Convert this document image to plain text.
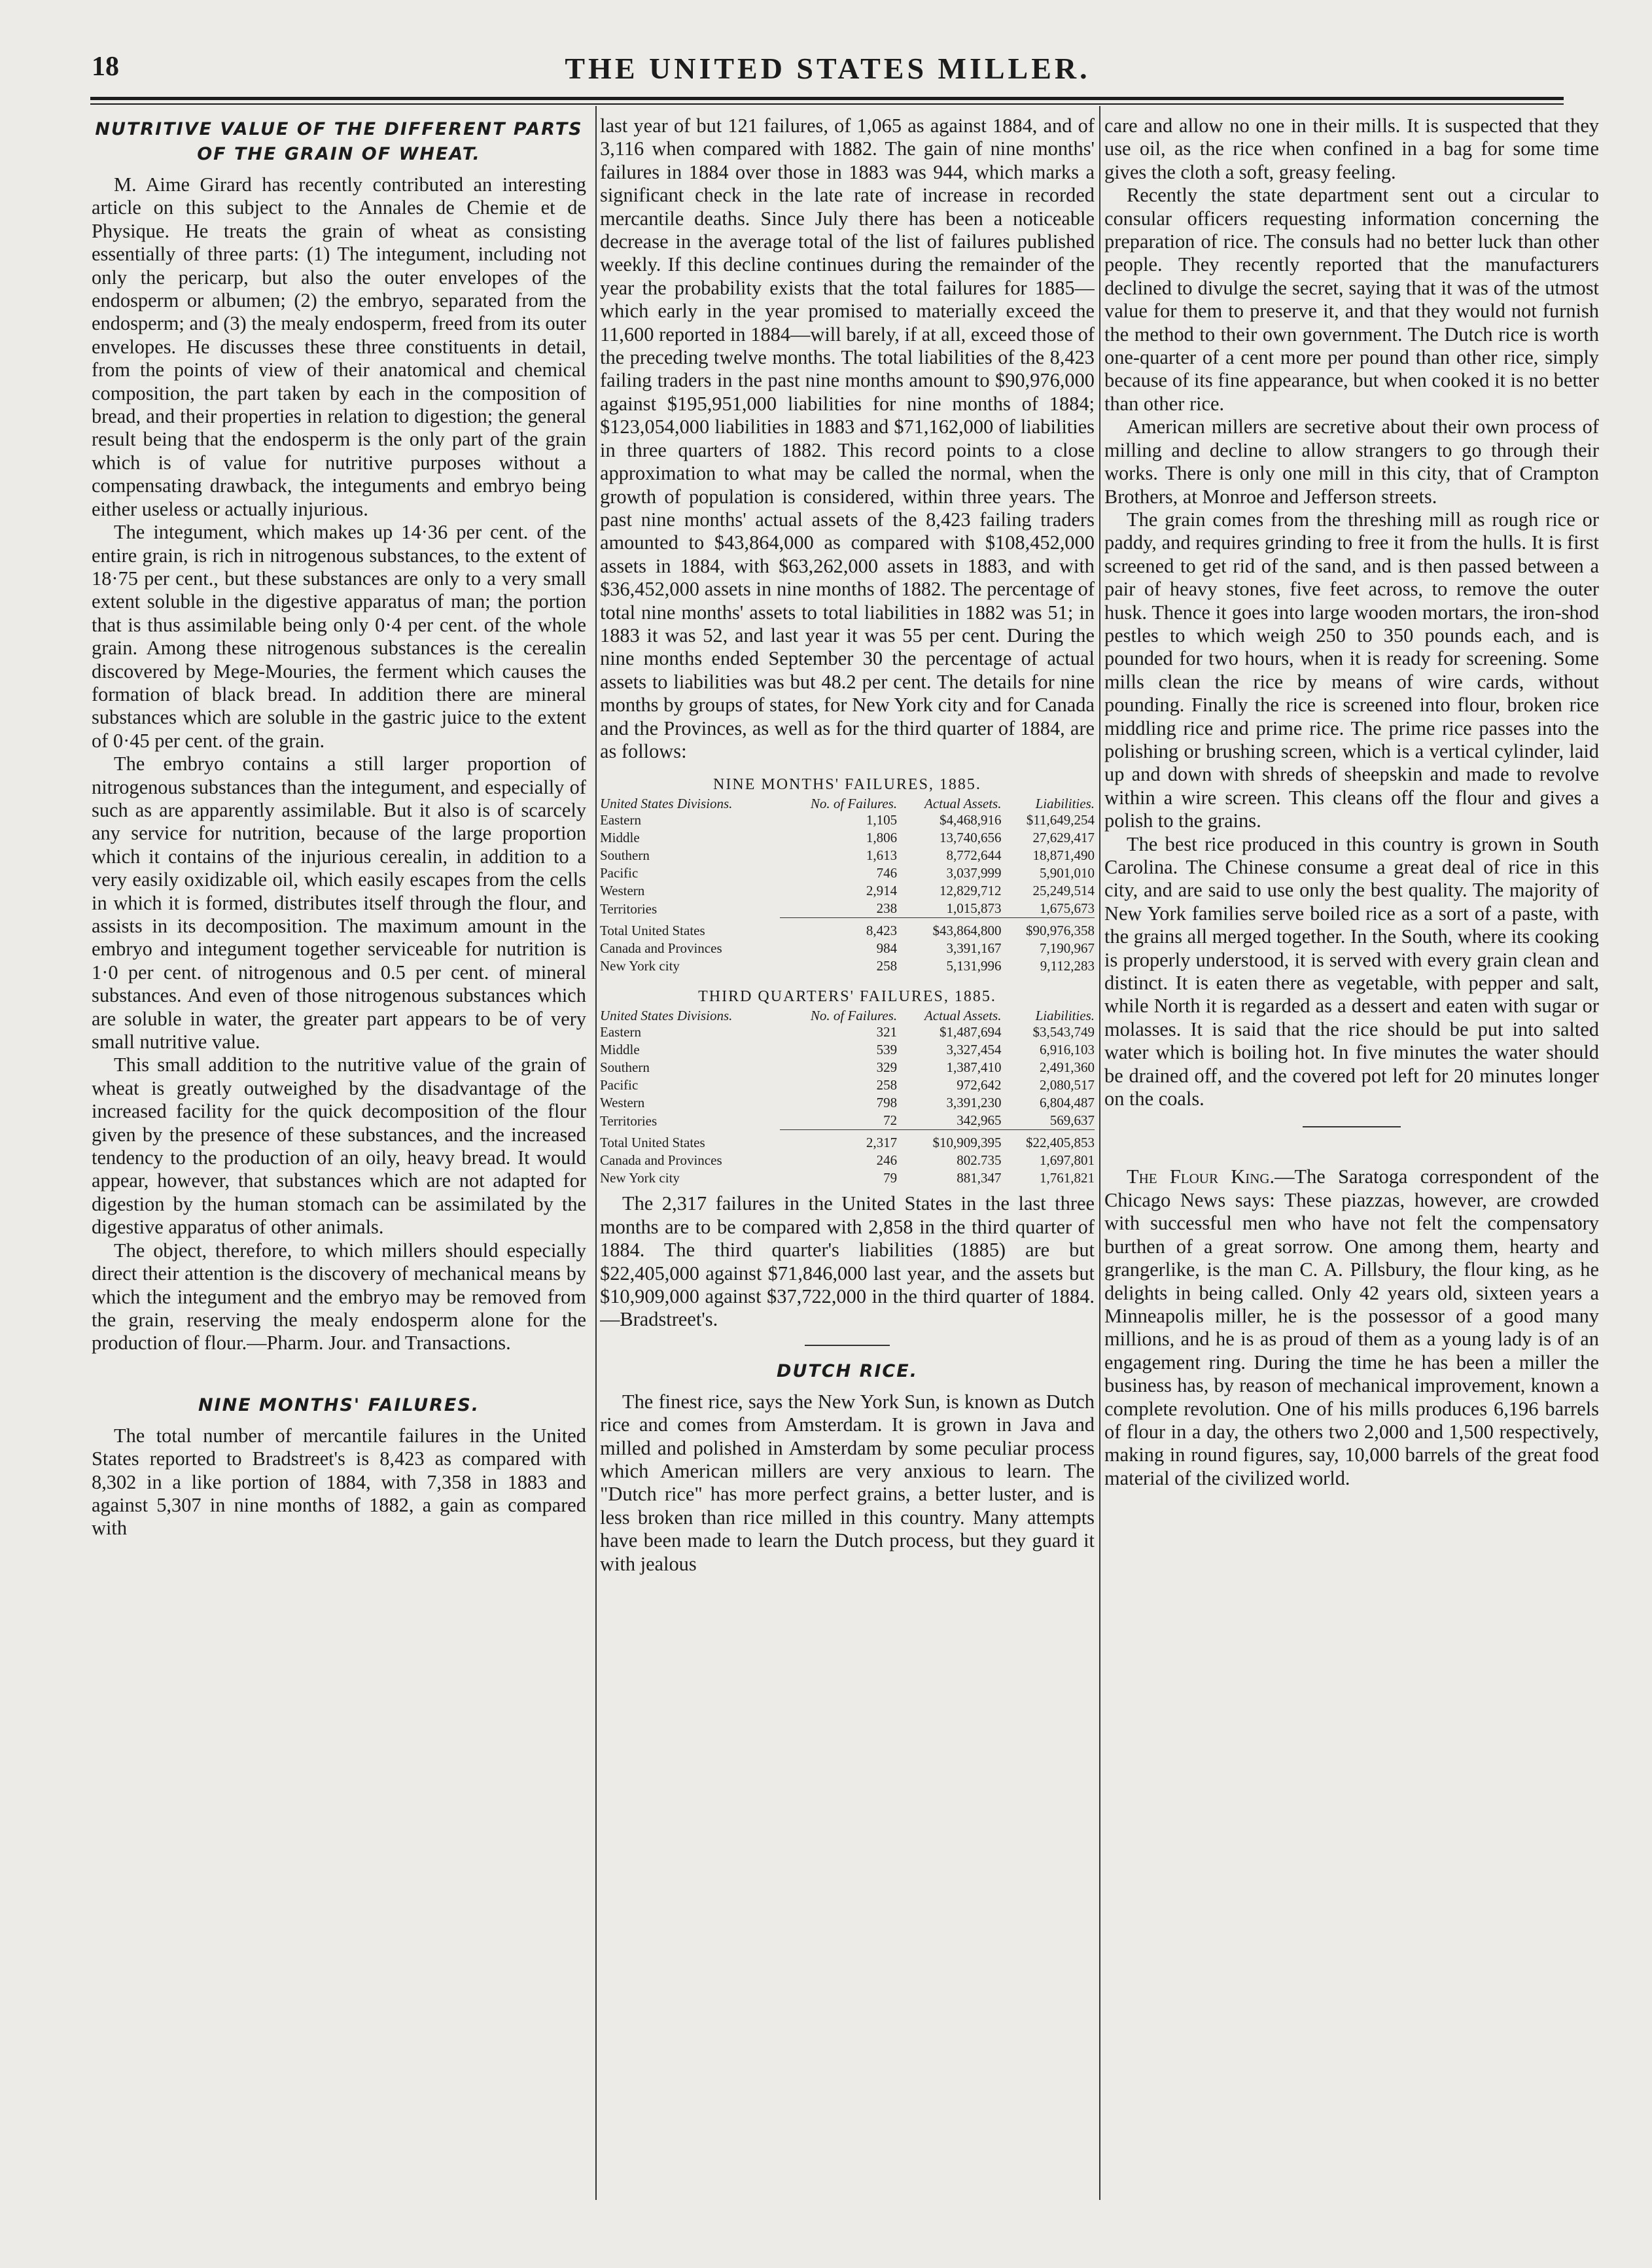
18	THE UNITED STATES MILLER.
NUTRITIVE VALUE OF THE DIFFERENT PARTS OF THE GRAIN OF WHEAT.

M. Aime Girard has recently contributed an interesting article on this subject to the Annales de Chemie et de Physique. He treats the grain of wheat as consisting essentially of three parts: (1) The integument, including not only the pericarp, but also the outer envelopes of the endosperm or albumen; (2) the embryo, separated from the endosperm; and (3) the mealy endosperm, freed from its outer envelopes. He discusses these three constituents in detail, from the points of view of their anatomical and chemical composition, the part taken by each in the composition of bread, and their properties in relation to digestion; the general result being that the endosperm is the only part of the grain which is of value for nutritive purposes without a compensating drawback, the integuments and embryo being either useless or actually injurious.

The integument, which makes up 14·36 per cent. of the entire grain, is rich in nitrogenous substances, to the extent of 18·75 per cent., but these substances are only to a very small extent soluble in the digestive apparatus of man; the portion that is thus assimilable being only 0·4 per cent. of the whole grain. Among these nitrogenous substances is the cerealin discovered by Mege-Mouries, the ferment which causes the formation of black bread. In addition there are mineral substances which are soluble in the gastric juice to the extent of 0·45 per cent. of the grain.

The embryo contains a still larger proportion of nitrogenous substances than the integument, and especially of such as are apparently assimilable. But it also is of scarcely any service for nutrition, because of the large proportion which it contains of the injurious cerealin, in addition to a very easily oxidizable oil, which easily escapes from the cells in which it is formed, distributes itself through the flour, and assists in its decomposition. The maximum amount in the embryo and integument together serviceable for nutrition is 1·0 per cent. of nitrogenous and 0.5 per cent. of mineral substances. And even of those nitrogenous substances which are soluble in water, the greater part appears to be of very small nutritive value.

This small addition to the nutritive value of the grain of wheat is greatly outweighed by the disadvantage of the increased facility for the quick decomposition of the flour given by the presence of these substances, and the increased tendency to the production of an oily, heavy bread. It would appear, however, that substances which are not adapted for digestion by the human stomach can be assimilated by the digestive apparatus of other animals.

The object, therefore, to which millers should especially direct their attention is the discovery of mechanical means by which the integument and the embryo may be removed from the grain, reserving the mealy endosperm alone for the production of flour.—Pharm. Jour. and Transactions.

NINE MONTHS' FAILURES.

The total number of mercantile failures in the United States reported to Bradstreet's is 8,423 as compared with 8,302 in a like portion of 1884, with 7,358 in 1883 and against 5,307 in nine months of 1882, a gain as compared with

last year of but 121 failures, of 1,065 as against 1884, and of 3,116 when compared with 1882. The gain of nine months' failures in 1884 over those in 1883 was 944, which marks a significant check in the late rate of increase in recorded mercantile deaths. Since July there has been a noticeable decrease in the average total of the list of failures published weekly. If this decline continues during the remainder of the year the probability exists that the total failures for 1885—which early in the year promised to materially exceed the 11,600 reported in 1884—will barely, if at all, exceed those of the preceding twelve months. The total liabilities of the 8,423 failing traders in the past nine months amount to $90,976,000 against $195,951,000 liabilities for nine months of 1884; $123,054,000 liabilities in 1883 and $71,162,000 of liabilities in three quarters of 1882. This record points to a close approximation to what may be called the normal, when the growth of population is considered, within three years. The past nine months' actual assets of the 8,423 failing traders amounted to $43,864,000 as compared with $108,452,000 assets in 1884, with $63,262,000 assets in 1883, and with $36,452,000 assets in nine months of 1882. The percentage of total nine months' assets to total liabilities in 1882 was 51; in 1883 it was 52, and last year it was 55 per cent. During the nine months ended September 30 the percentage of actual assets to liabilities was but 48.2 per cent. The details for nine months by groups of states, for New York city and for Canada and the Provinces, as well as for the third quarter of 1884, are as follows:

NINE MONTHS' FAILURES, 1885.
United States Divisions.	No. of Failures.	Actual Assets.	Liabilities.
Eastern	1,105	$4,468,916	$11,649,254
Middle	1,806	13,740,656	27,629,417
Southern	1,613	8,772,644	18,871,490
Pacific	746	3,037,999	5,901,010
Western	2,914	12,829,712	25,249,514
Territories	238	1,015,873	1,675,673
Total United States	8,423	$43,864,800	$90,976,358
Canada and Provinces	984	3,391,167	7,190,967
New York city	258	5,131,996	9,112,283
THIRD QUARTERS' FAILURES, 1885.
United States Divisions.	No. of Failures.	Actual Assets.	Liabilities.
Eastern	321	$1,487,694	$3,543,749
Middle	539	3,327,454	6,916,103
Southern	329	1,387,410	2,491,360
Pacific	258	972,642	2,080,517
Western	798	3,391,230	6,804,487
Territories	72	342,965	569,637
Total United States	2,317	$10,909,395	$22,405,853
Canada and Provinces	246	802.735	1,697,801
New York city	79	881,347	1,761,821

The 2,317 failures in the United States in the last three months are to be compared with 2,858 in the third quarter of 1884. The third quarter's liabilities (1885) are but $22,405,000 against $71,846,000 last year, and the assets but $10,909,000 against $37,722,000 in the third quarter of 1884.—Bradstreet's.

DUTCH RICE.

The finest rice, says the New York Sun, is known as Dutch rice and comes from Amsterdam. It is grown in Java and milled and polished in Amsterdam by some peculiar process which American millers are very anxious to learn. The "Dutch rice" has more perfect grains, a better luster, and is less broken than rice milled in this country. Many attempts have been made to learn the Dutch process, but they guard it with jealous

care and allow no one in their mills. It is suspected that they use oil, as the rice when confined in a bag for some time gives the cloth a soft, greasy feeling.

Recently the state department sent out a circular to consular officers requesting information concerning the preparation of rice. The consuls had no better luck than other people. They recently reported that the manufacturers declined to divulge the secret, saying that it was of the utmost value for them to preserve it, and that they would not furnish the method to their own government. The Dutch rice is worth one-quarter of a cent more per pound than other rice, simply because of its fine appearance, but when cooked it is no better than other rice.

American millers are secretive about their own process of milling and decline to allow strangers to go through their works. There is only one mill in this city, that of Crampton Brothers, at Monroe and Jefferson streets.

The grain comes from the threshing mill as rough rice or paddy, and requires grinding to free it from the hulls. It is first screened to get rid of the sand, and is then passed between a pair of heavy stones, five feet across, to remove the outer husk. Thence it goes into large wooden mortars, the iron-shod pestles to which weigh 250 to 350 pounds each, and is pounded for two hours, when it is ready for screening. Some mills clean the rice by means of wire cards, without pounding. Finally the rice is screened into flour, broken rice middling rice and prime rice. The prime rice passes into the polishing or brushing screen, which is a vertical cylinder, laid up and down with shreds of sheepskin and made to revolve within a wire screen. This cleans off the flour and gives a polish to the grains.

The best rice produced in this country is grown in South Carolina. The Chinese consume a great deal of rice in this city, and are said to use only the best quality. The majority of New York families serve boiled rice as a sort of a paste, with the grains all merged together. In the South, where its cooking is properly understood, it is served with every grain clean and distinct. It is eaten there as vegetable, with pepper and salt, while North it is regarded as a dessert and eaten with sugar or molasses. It is said that the rice should be put into salted water which is boiling hot. In five minutes the water should be drained off, and the covered pot left for 20 minutes longer on the coals.

The Flour King.—The Saratoga correspondent of the Chicago News says: These piazzas, however, are crowded with successful men who have not felt the compensatory burthen of a great sorrow. One among them, hearty and grangerlike, is the man C. A. Pillsbury, the flour king, as he delights in being called. Only 42 years old, sixteen years a Minneapolis miller, he is the possessor of a good many millions, and he is as proud of them as a young lady is of an engagement ring. During the time he has been a miller the business has, by reason of mechanical improvement, known a complete revolution. One of his mills produces 6,196 barrels of flour in a day, the others two 2,000 and 1,500 respectively, making in round figures, say, 10,000 barrels of the great food material of the civilized world.
